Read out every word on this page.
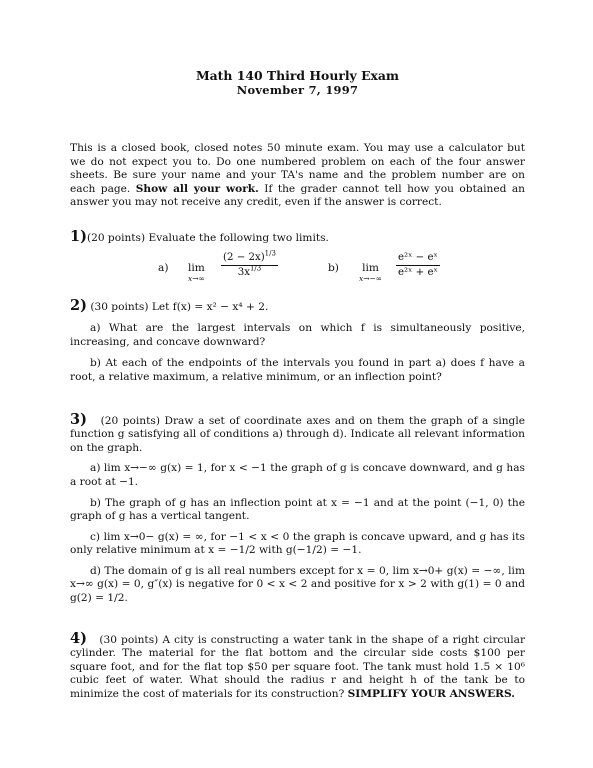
Math 140 Third Hourly Exam
November 7, 1997
This is a closed book, closed notes 50 minute exam. You may use a calculator but we do not expect you to. Do one numbered problem on each of the four answer sheets. Be sure your name and your TA's name and the problem number are on each page. Show all your work. If the grader cannot tell how you obtained an answer you may not receive any credit, even if the answer is correct.
1)(20 points) Evaluate the following two limits.
a) lim
x→∞
$\frac{(2 - 2x)^{1/3}}{3x^{1/3}}$	b) lim
x→−∞
$\frac{\text{e²ˣ − eˣ}}{\text{e²ˣ + eˣ}}$
2) (30 points) Let f(x) = x² − x⁴ + 2.
a) What are the largest intervals on which f is simultaneously positive, increasing, and concave downward?
b) At each of the endpoints of the intervals you found in part a) does f have a root, a relative maximum, a relative minimum, or an inflection point?
3) (20 points) Draw a set of coordinate axes and on them the graph of a single function g satisfying all of conditions a) through d). Indicate all relevant information on the graph.
a) lim x→−∞ g(x) = 1, for x < −1 the graph of g is concave downward, and g has a root at −1.
b) The graph of g has an inflection point at x = −1 and at the point (−1, 0) the graph of g has a vertical tangent.
c) lim x→0− g(x) = ∞, for −1 < x < 0 the graph is concave upward, and g has its only relative minimum at x = −1/2 with g(−1/2) = −1.
d) The domain of g is all real numbers except for x = 0, lim x→0+ g(x) = −∞, lim x→∞ g(x) = 0, g″(x) is negative for 0 < x < 2 and positive for x > 2 with g(1) = 0 and g(2) = 1/2.
4) (30 points) A city is constructing a water tank in the shape of a right circular cylinder. The material for the flat bottom and the circular side costs $100 per square foot, and for the flat top $50 per square foot. The tank must hold 1.5 × 10⁶ cubic feet of water. What should the radius r and height h of the tank be to minimize the cost of materials for its construction? SIMPLIFY YOUR ANSWERS.
